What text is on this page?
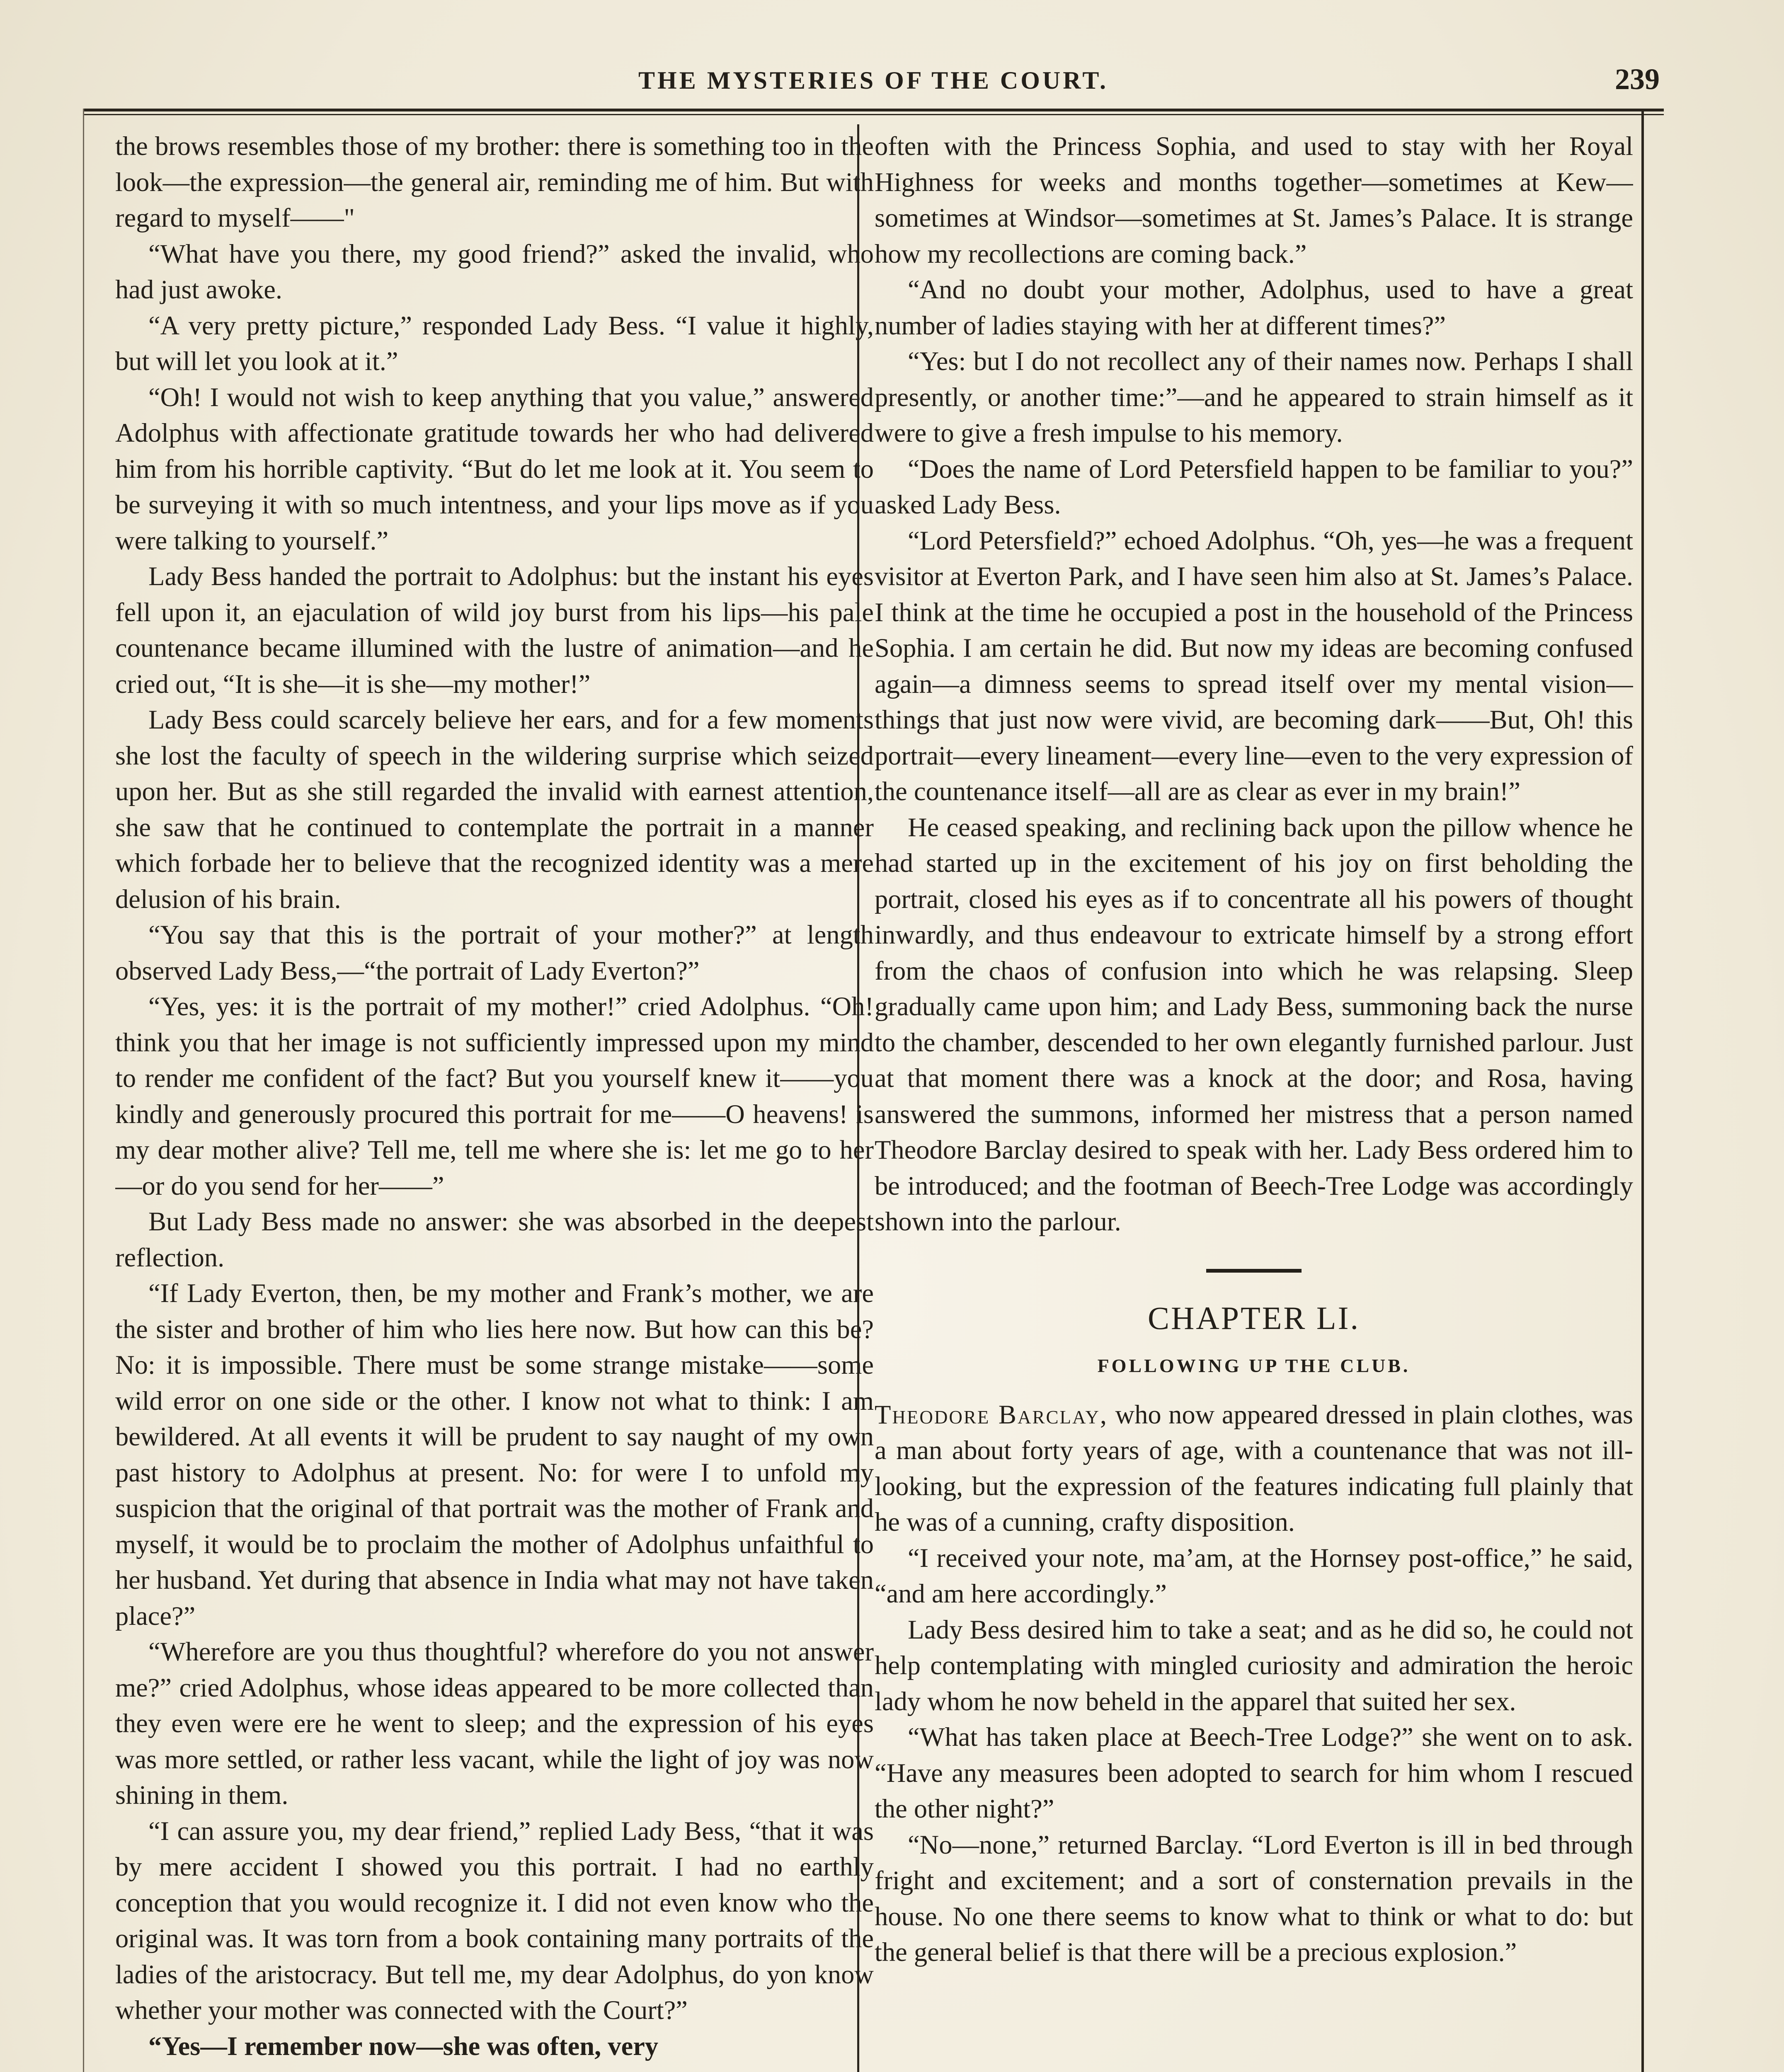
THE MYSTERIES OF THE COURT.	239

the brows resembles those of my brother: there is something too in the look—the expression—the general air, reminding me of him. But with regard to myself——"

“What have you there, my good friend?” asked the invalid, who had just awoke.

“A very pretty picture,” responded Lady Bess. “I value it highly, but will let you look at it.”

“Oh! I would not wish to keep anything that you value,” answered Adolphus with affectionate gratitude towards her who had delivered him from his horrible captivity. “But do let me look at it. You seem to be surveying it with so much intentness, and your lips move as if you were talking to yourself.”

Lady Bess handed the portrait to Adolphus: but the instant his eyes fell upon it, an ejaculation of wild joy burst from his lips—his pale countenance became illumined with the lustre of animation—and he cried out, “It is she—it is she—my mother!”

Lady Bess could scarcely believe her ears, and for a few moments she lost the faculty of speech in the wildering surprise which seized upon her. But as she still regarded the invalid with earnest attention, she saw that he continued to contemplate the portrait in a manner which forbade her to believe that the recognized identity was a mere delusion of his brain.

“You say that this is the portrait of your mother?” at length observed Lady Bess,—“the portrait of Lady Everton?”

“Yes, yes: it is the portrait of my mother!” cried Adolphus. “Oh! think you that her image is not sufficiently impressed upon my mind to render me confident of the fact? But you yourself knew it——you kindly and generously procured this portrait for me——O heavens! is my dear mother alive? Tell me, tell me where she is: let me go to her—or do you send for her——”

But Lady Bess made no answer: she was absorbed in the deepest reflection.

“If Lady Everton, then, be my mother and Frank’s mother, we are the sister and brother of him who lies here now. But how can this be? No: it is impossible. There must be some strange mistake——some wild error on one side or the other. I know not what to think: I am bewildered. At all events it will be prudent to say naught of my own past history to Adolphus at present. No: for were I to unfold my suspicion that the original of that portrait was the mother of Frank and myself, it would be to proclaim the mother of Adolphus unfaithful to her husband. Yet during that absence in India what may not have taken place?”

“Wherefore are you thus thoughtful? wherefore do you not answer me?” cried Adolphus, whose ideas appeared to be more collected than they even were ere he went to sleep; and the expression of his eyes was more settled, or rather less vacant, while the light of joy was now shining in them.

“I can assure you, my dear friend,” replied Lady Bess, “that it was by mere accident I showed you this portrait. I had no earthly conception that you would recognize it. I did not even know who the original was. It was torn from a book containing many portraits of the ladies of the aristocracy. But tell me, my dear Adolphus, do yon know whether your mother was connected with the Court?”

“Yes—I remember now—she was often, very

often with the Princess Sophia, and used to stay with her Royal Highness for weeks and months together—sometimes at Kew—sometimes at Windsor—sometimes at St. James’s Palace. It is strange how my recollections are coming back.”

“And no doubt your mother, Adolphus, used to have a great number of ladies staying with her at different times?”

“Yes: but I do not recollect any of their names now. Perhaps I shall presently, or another time:”—and he appeared to strain himself as it were to give a fresh impulse to his memory.

“Does the name of Lord Petersfield happen to be familiar to you?” asked Lady Bess.

“Lord Petersfield?” echoed Adolphus. “Oh, yes—he was a frequent visitor at Everton Park, and I have seen him also at St. James’s Palace. I think at the time he occupied a post in the household of the Princess Sophia. I am certain he did. But now my ideas are becoming confused again—a dimness seems to spread itself over my mental vision—things that just now were vivid, are becoming dark——But, Oh! this portrait—every lineament—every line—even to the very expression of the countenance itself—all are as clear as ever in my brain!”

He ceased speaking, and reclining back upon the pillow whence he had started up in the excitement of his joy on first beholding the portrait, closed his eyes as if to concentrate all his powers of thought inwardly, and thus endeavour to extricate himself by a strong effort from the chaos of confusion into which he was relapsing. Sleep gradually came upon him; and Lady Bess, summoning back the nurse to the chamber, descended to her own elegantly furnished parlour. Just at that moment there was a knock at the door; and Rosa, having answered the summons, informed her mistress that a person named Theodore Barclay desired to speak with her. Lady Bess ordered him to be introduced; and the footman of Beech-Tree Lodge was accordingly shown into the parlour.

CHAPTER LI.
FOLLOWING UP THE CLUB.

Theodore Barclay, who now appeared dressed in plain clothes, was a man about forty years of age, with a countenance that was not ill-looking, but the expression of the features indicating full plainly that he was of a cunning, crafty disposition.

“I received your note, ma’am, at the Hornsey post-office,” he said, “and am here accordingly.”

Lady Bess desired him to take a seat; and as he did so, he could not help contemplating with mingled curiosity and admiration the heroic lady whom he now beheld in the apparel that suited her sex.

“What has taken place at Beech-Tree Lodge?” she went on to ask. “Have any measures been adopted to search for him whom I rescued the other night?”

“No—none,” returned Barclay. “Lord Everton is ill in bed through fright and excitement; and a sort of consternation prevails in the house. No one there seems to know what to think or what to do: but the general belief is that there will be a precious explosion.”
